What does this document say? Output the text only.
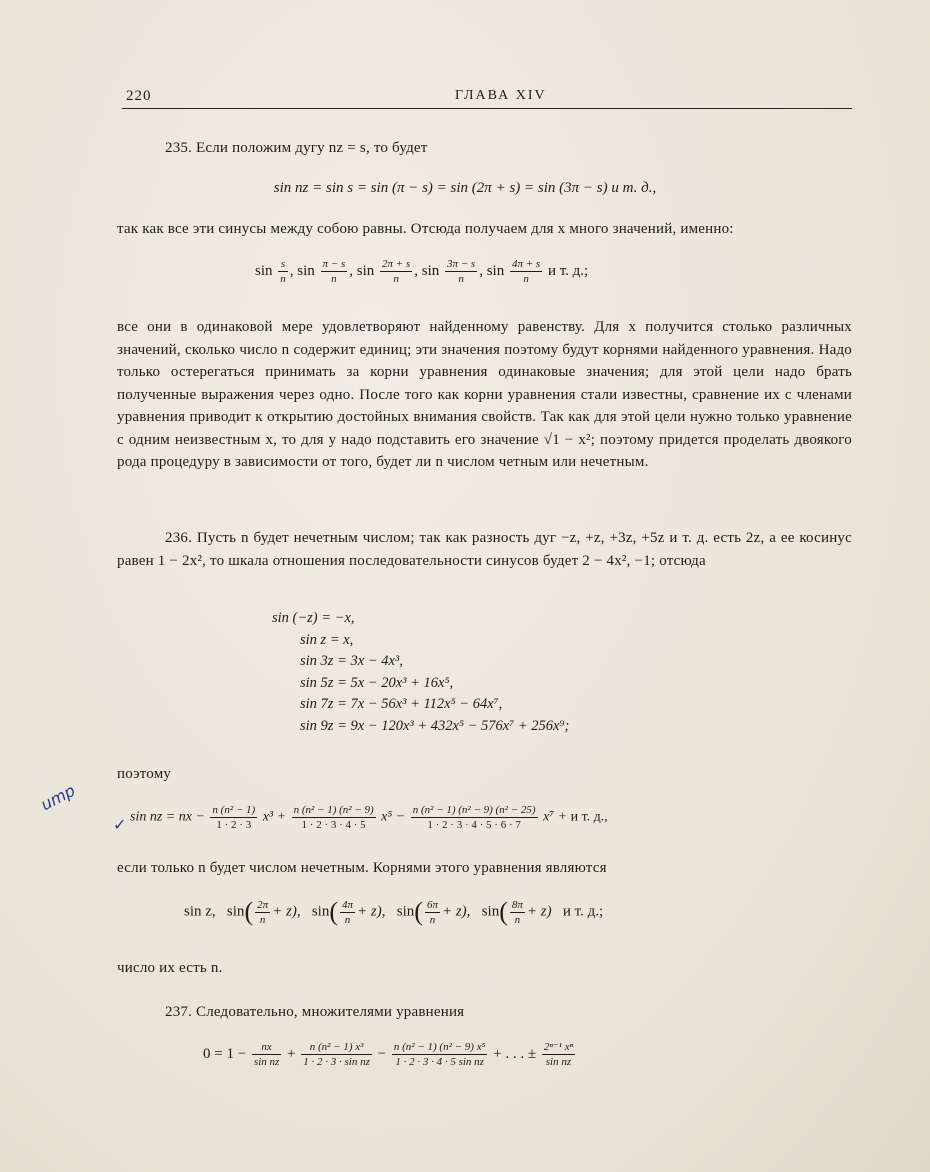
220	ГЛАВА XIV
235. Если положим дугу nz = s, то будет
sin nz = sin s = sin (π − s) = sin (2π + s) = sin (3π − s) и т. д.,
так как все эти синусы между собою равны. Отсюда получаем для x много значений, именно:
$\sin \frac{s}{n}$ , $\sin \frac{\pi - s}{n}$ , $\sin \frac{2\pi + s}{n}$ , $\sin \frac{3\pi - s}{n}$ , $\sin \frac{4\pi + s}{n}$ и т. д.;
все они в одинаковой мере удовлетворяют найденному равенству. Для x получится столько различных значений, сколько число n содержит единиц; эти значения поэтому будут корнями найденного уравнения. Надо только остерегаться принимать за корни уравнения одинаковые значения; для этой цели надо брать полученные выражения через одно. После того как корни уравнения стали известны, сравнение их с членами уравнения приводит к открытию достойных внимания свойств. Так как для этой цели нужно только уравнение с одним неизвестным x, то для y надо подставить его значение √1 − x²; поэтому придется проделать двоякого рода процедуру в зависимости от того, будет ли n числом четным или нечетным.
236. Пусть n будет нечетным числом; так как разность дуг −z, +z, +3z, +5z и т. д. есть 2z, а ее косинус равен 1 − 2x², то шкала отношения последовательности синусов будет 2 − 4x², −1; отсюда
sin (−z) = −x,
sin z = x,
sin 3z = 3x − 4x³,
sin 5z = 5x − 20x³ + 16x⁵,
sin 7z = 7x − 56x³ + 112x⁵ − 64x⁷,
sin 9z = 9x − 120x³ + 432x⁵ − 576x⁷ + 256x⁹;
поэтому
ump
✓ sin nz = nx − $\frac{\text{n (n² − 1)}}{1 \cdot 2 \cdot 3} x^3 + \frac{\text{n (n² − 1) (n² − 9)}}{1 \cdot 2 \cdot 3 \cdot 4 \cdot 5} x^5 - \frac{\text{n (n² − 1) (n² − 9) (n² − 25)}}{1 \cdot 2 \cdot 3 \cdot 4 \cdot 5 \cdot 6 \cdot 7} x^7 + и$ т. д.,
если только n будет числом нечетным. Корнями этого уравнения являются
sin z, $\sin( \frac{2\pi}{n} + z)$, $\sin( \frac{4\pi}{n} + z)$, $\sin( \frac{6\pi}{n} + z)$, $\sin( \frac{8\pi}{n} + z)$ и т. д.;
число их есть n.
237. Следовательно, множителями уравнения
$0 = 1 - \frac{nx}{\text{sin nz}} + \frac{\text{n (n² − 1) x³}}{\text{1 · 2 · 3 · sin nz}} - \frac{\text{n (n² − 1) (n² − 9) x⁵}}{\text{1 · 2 · 3 · 4 · 5 sin nz}}$ + . . . ± $\frac{\text{2ⁿ⁻¹ xⁿ}}{\text{sin nz}}$
